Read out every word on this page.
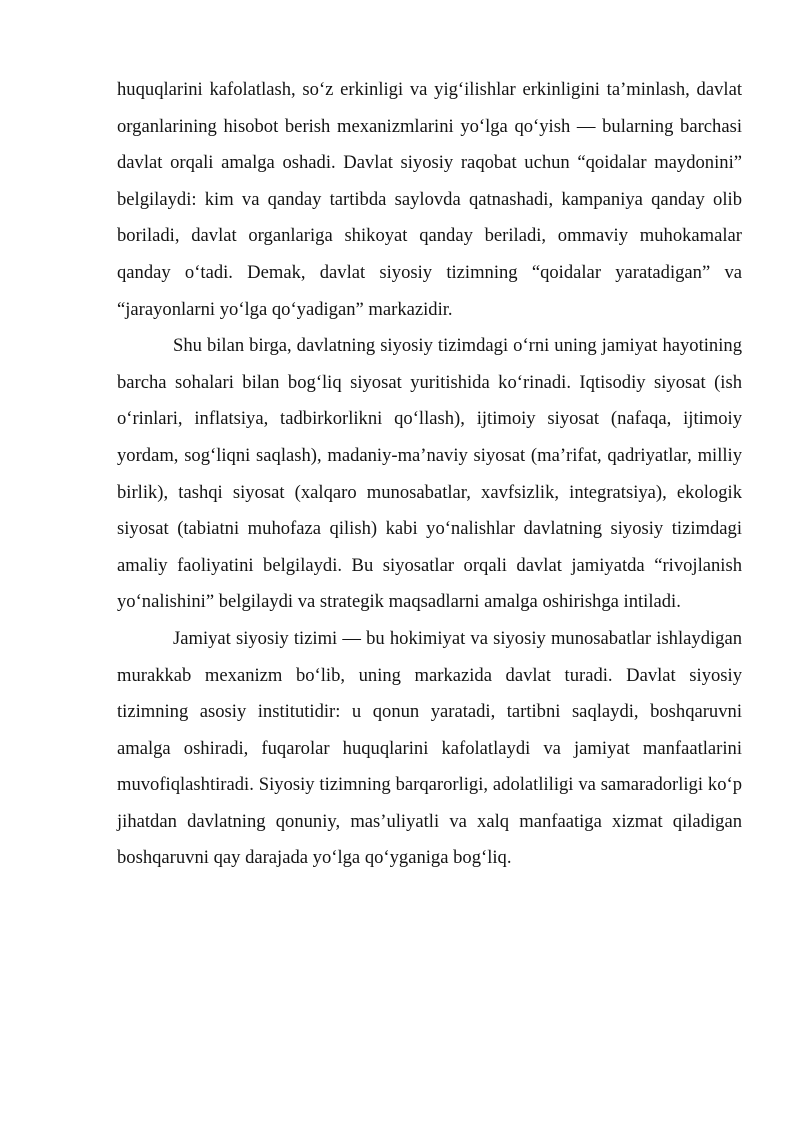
huquqlarini kafolatlash, so‘z erkinligi va yig‘ilishlar erkinligini ta’minlash, davlat organlarining hisobot berish mexanizmlarini yo‘lga qo‘yish — bularning barchasi davlat orqali amalga oshadi. Davlat siyosiy raqobat uchun “qoidalar maydonini” belgilaydi: kim va qanday tartibda saylovda qatnashadi, kampaniya qanday olib boriladi, davlat organlariga shikoyat qanday beriladi, ommaviy muhokamalar qanday o‘tadi. Demak, davlat siyosiy tizimning “qoidalar yaratadigan” va “jarayonlarni yo‘lga qo‘yadigan” markazidir.

Shu bilan birga, davlatning siyosiy tizimdagi o‘rni uning jamiyat hayotining barcha sohalari bilan bog‘liq siyosat yuritishida ko‘rinadi. Iqtisodiy siyosat (ish o‘rinlari, inflatsiya, tadbirkorlikni qo‘llash), ijtimoiy siyosat (nafaqa, ijtimoiy yordam, sog‘liqni saqlash), madaniy-ma’naviy siyosat (ma’rifat, qadriyatlar, milliy birlik), tashqi siyosat (xalqaro munosabatlar, xavfsizlik, integratsiya), ekologik siyosat (tabiatni muhofaza qilish) kabi yo‘nalishlar davlatning siyosiy tizimdagi amaliy faoliyatini belgilaydi. Bu siyosatlar orqali davlat jamiyatda “rivojlanish yo‘nalishini” belgilaydi va strategik maqsadlarni amalga oshirishga intiladi.

Jamiyat siyosiy tizimi — bu hokimiyat va siyosiy munosabatlar ishlaydigan murakkab mexanizm bo‘lib, uning markazida davlat turadi. Davlat siyosiy tizimning asosiy institutidir: u qonun yaratadi, tartibni saqlaydi, boshqaruvni amalga oshiradi, fuqarolar huquqlarini kafolatlaydi va jamiyat manfaatlarini muvofiqlashtiradi. Siyosiy tizimning barqarorligi, adolatliligi va samaradorligi ko‘p jihatdan davlatning qonuniy, mas’uliyatli va xalq manfaatiga xizmat qiladigan boshqaruvni qay darajada yo‘lga qo‘yganiga bog‘liq.
